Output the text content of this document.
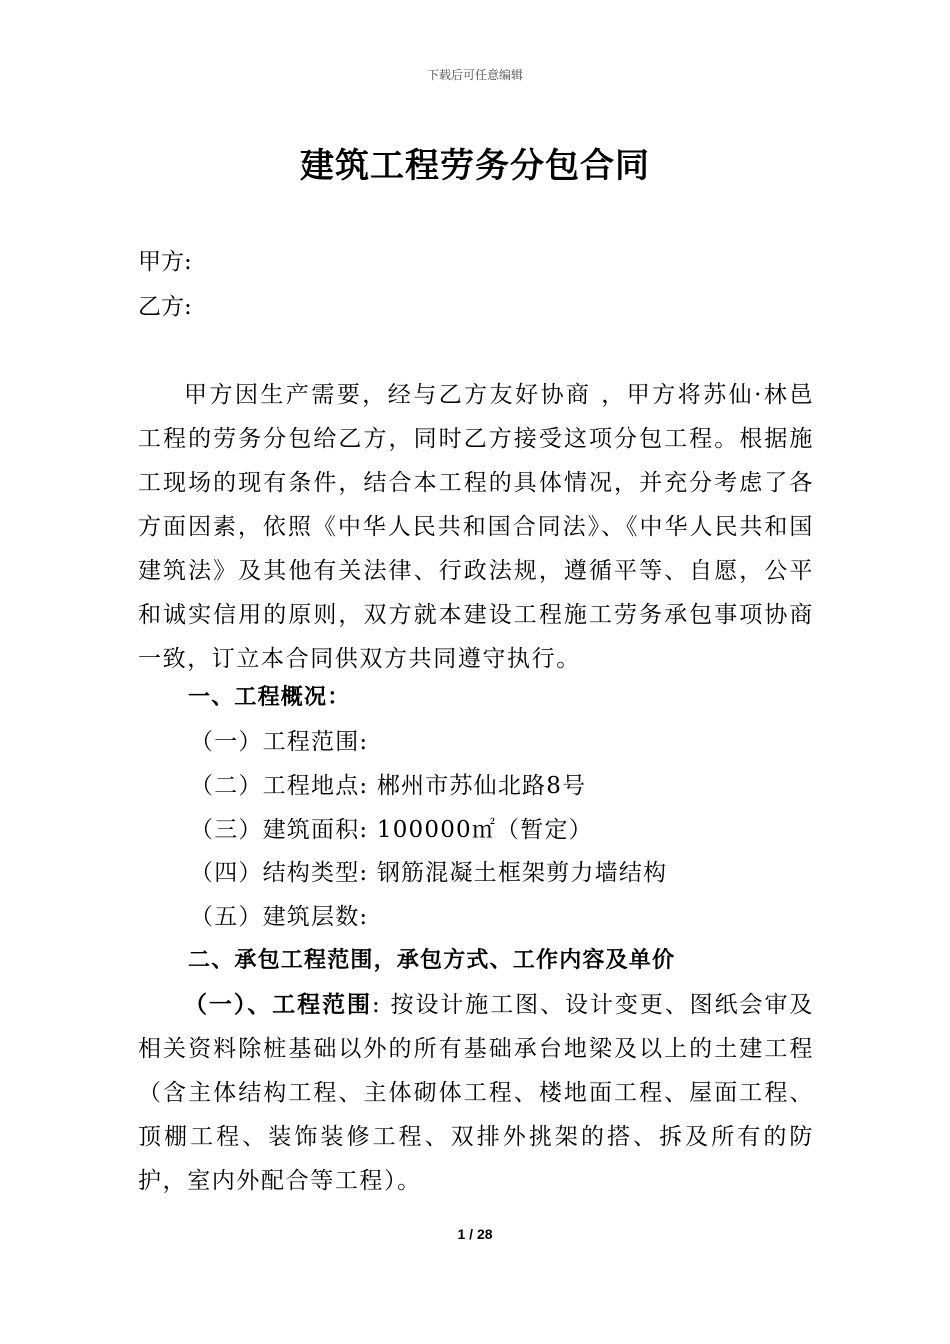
下载后可任意编辑
建筑工程劳务分包合同
甲方:
乙方:

甲方因生产需要，经与乙方友好协商 ，甲方将苏仙·林邑工程的劳务分包给乙方，同时乙方接受这项分包工程。根据施工现场的现有条件，结合本工程的具体情况，并充分考虑了各方面因素，依照《中华人民共和国合同法》、《中华人民共和国建筑法》及其他有关法律、行政法规，遵循平等、自愿，公平和诚实信用的原则，双方就本建设工程施工劳务承包事项协商一致，订立本合同供双方共同遵守执行。

一、工程概况：
（一）工程范围:
（二）工程地点: 郴州市苏仙北路8号
（三）建筑面积: 100000㎡（暂定）
（四）结构类型: 钢筋混凝土框架剪力墙结构
（五）建筑层数:
二、承包工程范围，承包方式、工作内容及单价

（一）、工程范围: 按设计施工图、设计变更、图纸会审及相关资料除桩基础以外的所有基础承台地梁及以上的土建工程（含主体结构工程、主体砌体工程、楼地面工程、屋面工程、顶棚工程、装饰装修工程、双排外挑架的搭、拆及所有的防护，室内外配合等工程）。

1 / 28
